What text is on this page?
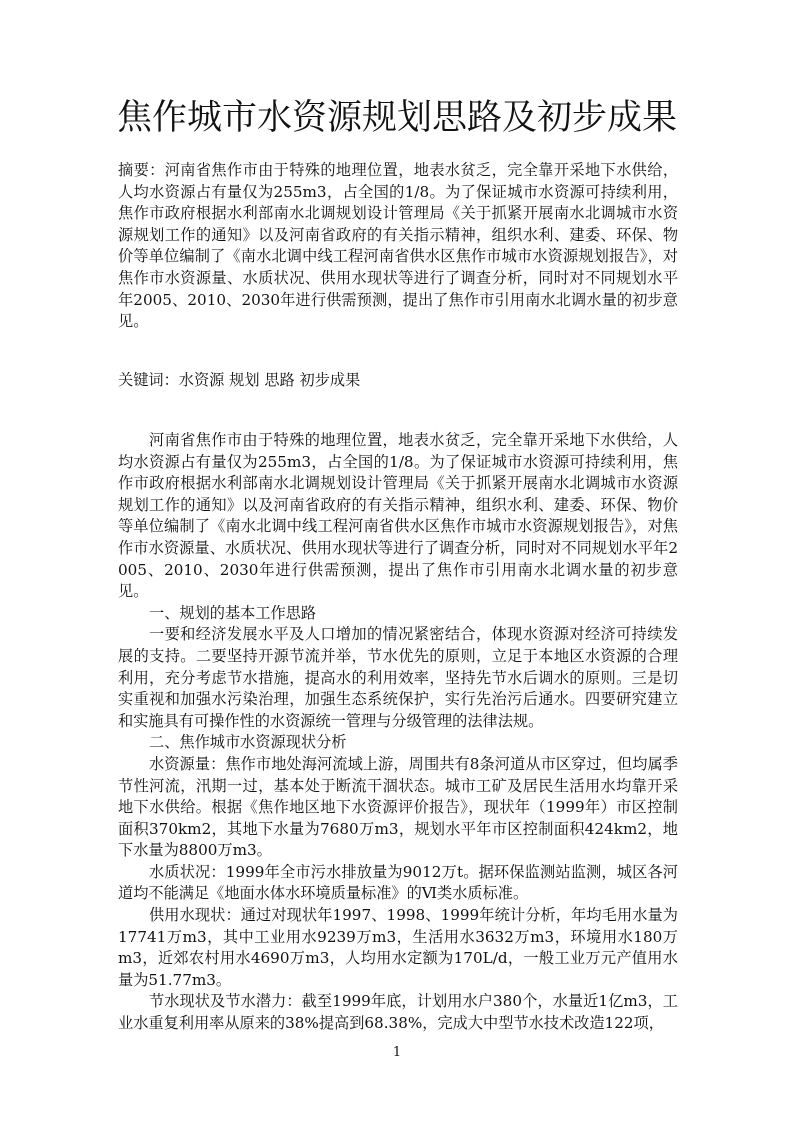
焦作城市水资源规划思路及初步成果

摘要：河南省焦作市由于特殊的地理位置，地表水贫乏，完全靠开采地下水供给，人均水资源占有量仅为255m3，占全国的1/8。为了保证城市水资源可持续利用，焦作市政府根据水利部南水北调规划设计管理局《关于抓紧开展南水北调城市水资源规划工作的通知》以及河南省政府的有关指示精神，组织水利、建委、环保、物价等单位编制了《南水北调中线工程河南省供水区焦作市城市水资源规划报告》，对焦作市水资源量、水质状况、供用水现状等进行了调查分析，同时对不同规划水平年2005、2010、2030年进行供需预测，提出了焦作市引用南水北调水量的初步意见。

关键词：水资源 规划 思路 初步成果

河南省焦作市由于特殊的地理位置，地表水贫乏，完全靠开采地下水供给，人均水资源占有量仅为255m3，占全国的1/8。为了保证城市水资源可持续利用，焦作市政府根据水利部南水北调规划设计管理局《关于抓紧开展南水北调城市水资源规划工作的通知》以及河南省政府的有关指示精神，组织水利、建委、环保、物价等单位编制了《南水北调中线工程河南省供水区焦作市城市水资源规划报告》，对焦作市水资源量、水质状况、供用水现状等进行了调查分析，同时对不同规划水平年2005、2010、2030年进行供需预测，提出了焦作市引用南水北调水量的初步意见。

一、规划的基本工作思路

一要和经济发展水平及人口增加的情况紧密结合，体现水资源对经济可持续发展的支持。二要坚持开源节流并举，节水优先的原则，立足于本地区水资源的合理利用，充分考虑节水措施，提高水的利用效率，坚持先节水后调水的原则。三是切实重视和加强水污染治理，加强生态系统保护，实行先治污后通水。四要研究建立和实施具有可操作性的水资源统一管理与分级管理的法律法规。

二、焦作城市水资源现状分析

水资源量：焦作市地处海河流域上游，周围共有8条河道从市区穿过，但均属季节性河流，汛期一过，基本处于断流干涸状态。城市工矿及居民生活用水均靠开采地下水供给。根据《焦作地区地下水资源评价报告》，现状年（1999年）市区控制面积370km2，其地下水量为7680万m3，规划水平年市区控制面积424km2，地下水量为8800万m3。

水质状况：1999年全市污水排放量为9012万t。据环保监测站监测，城区各河道均不能满足《地面水体水环境质量标准》的Ⅵ类水质标准。

供用水现状：通过对现状年1997、1998、1999年统计分析，年均毛用水量为17741万m3，其中工业用水9239万m3，生活用水3632万m3，环境用水180万m3，近郊农村用水4690万m3，人均用水定额为170L/d，一般工业万元产值用水量为51.77m3。

节水现状及节水潜力：截至1999年底，计划用水户380个，水量近1亿m3，工业水重复利用率从原来的38%提高到68.38%，完成大中型节水技术改造122项，

1
